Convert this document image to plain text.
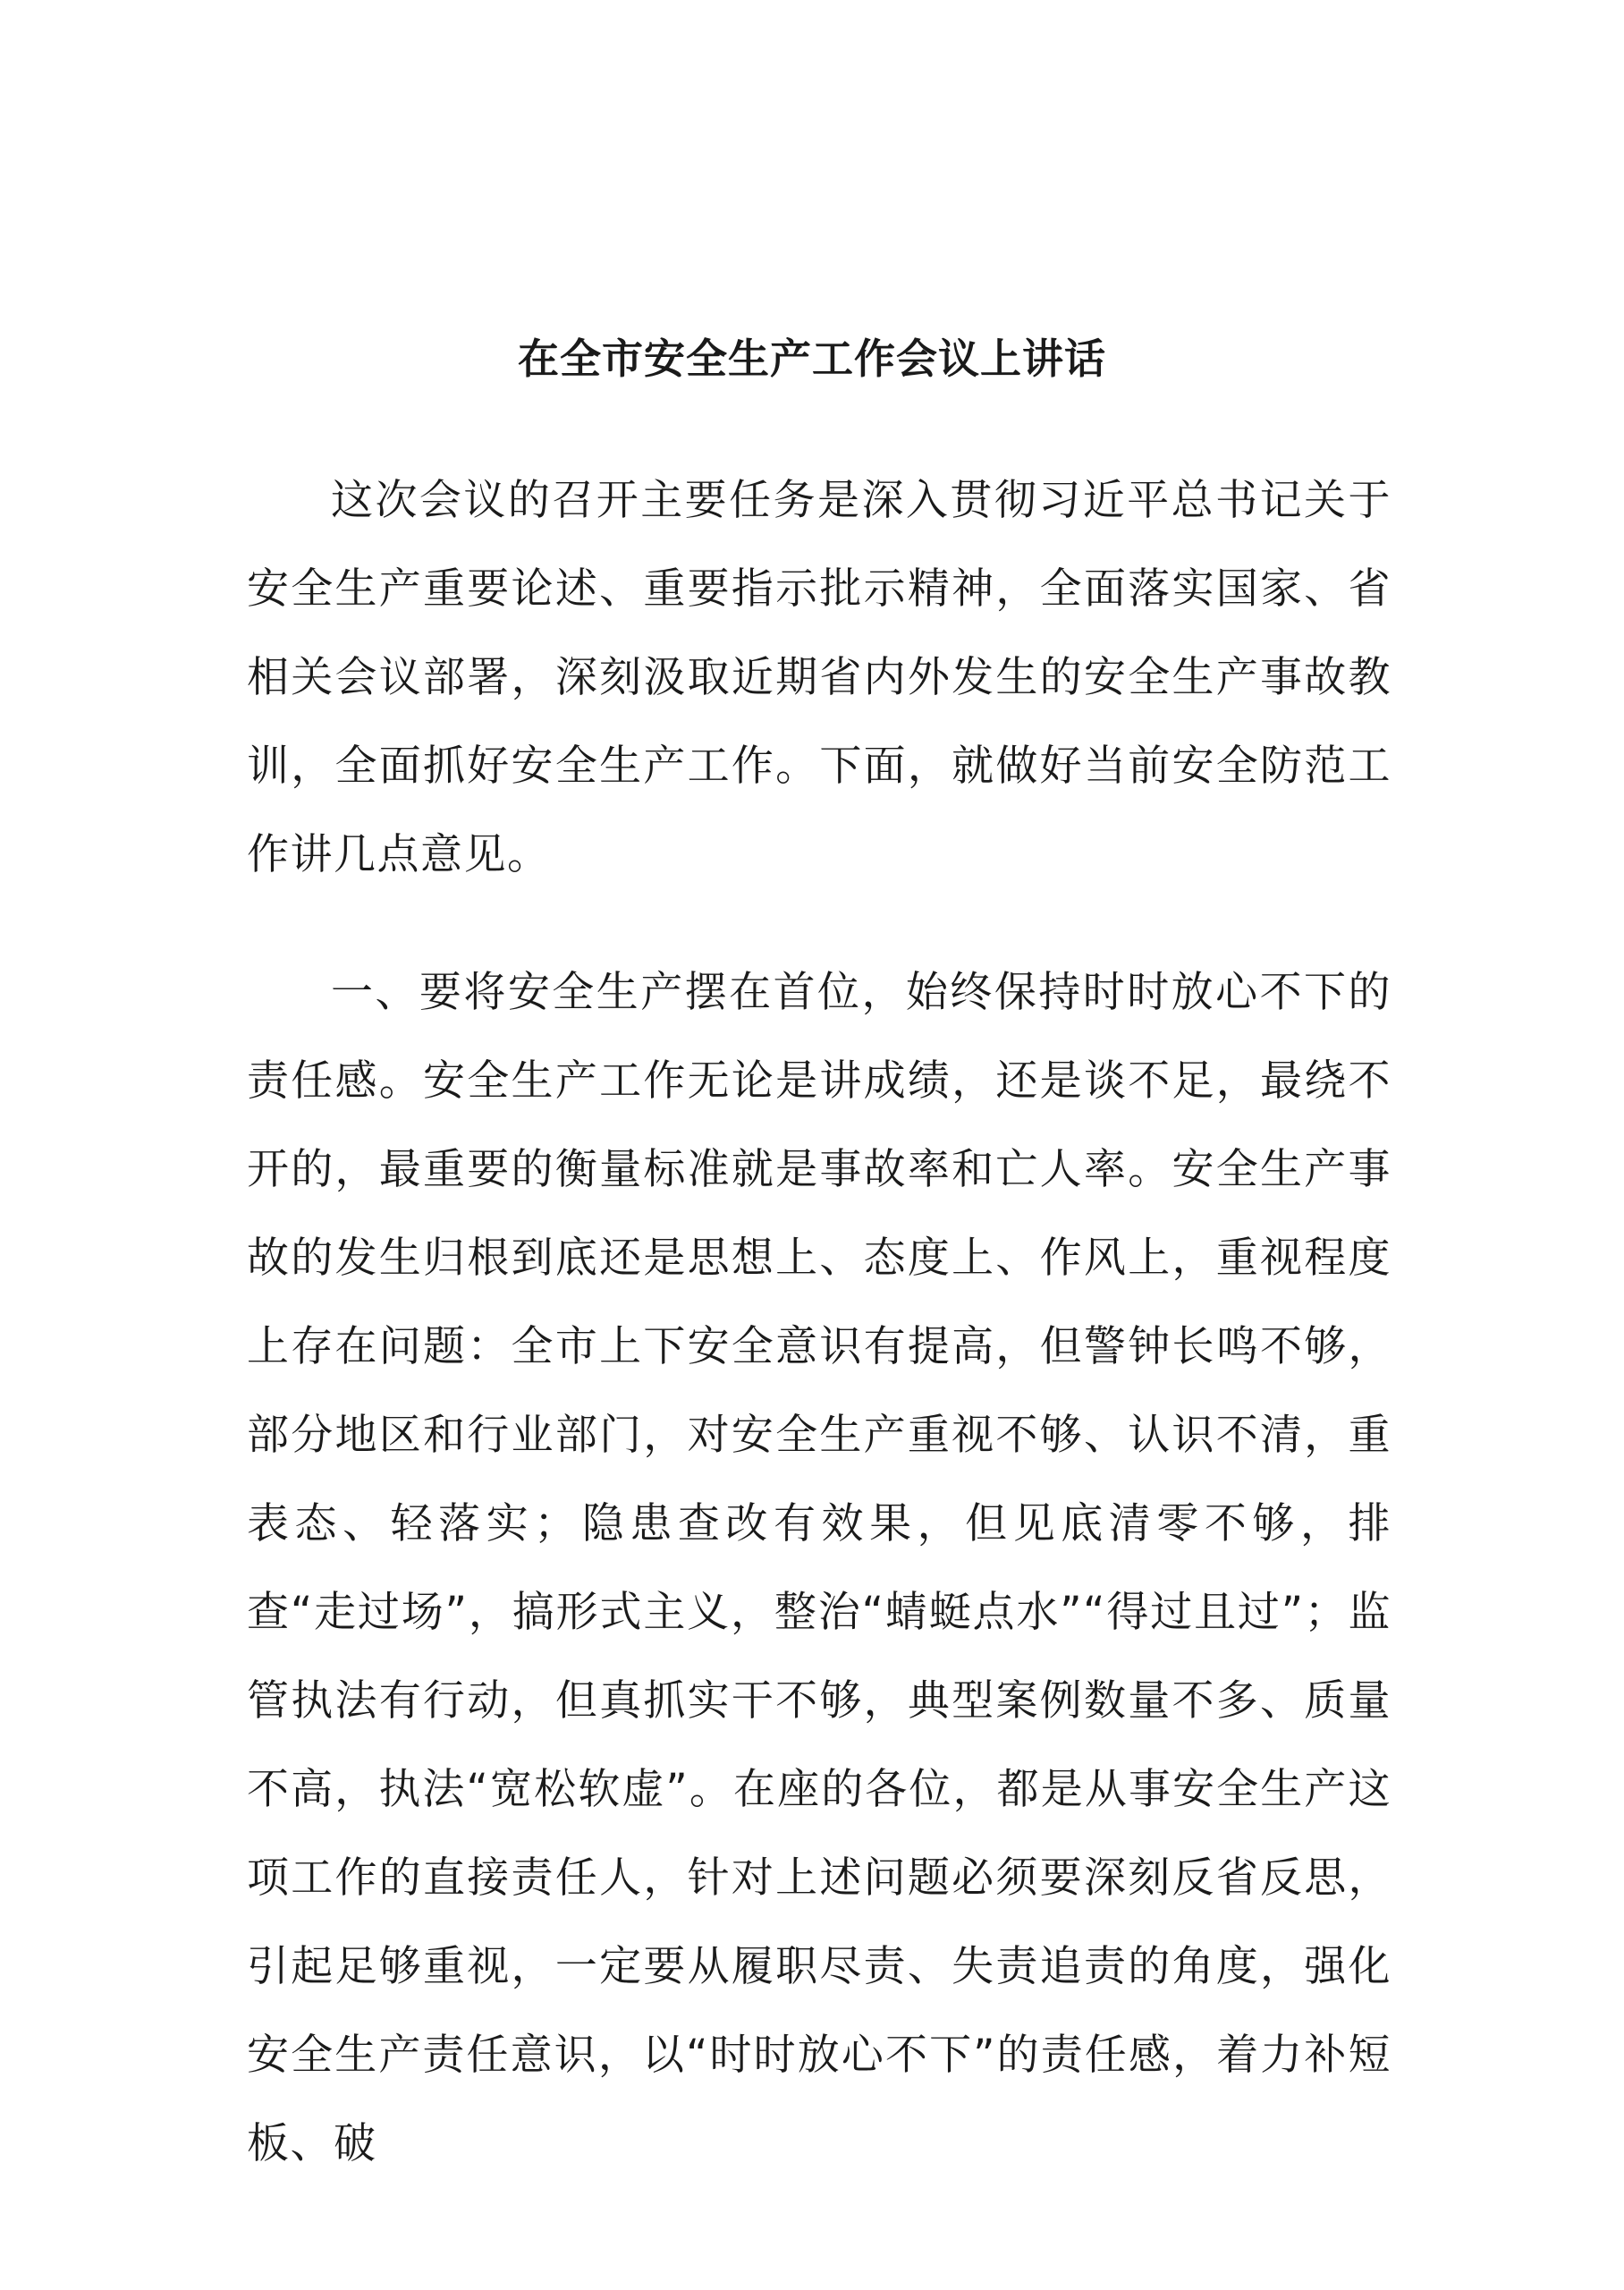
在全市安全生产工作会议上讲话

这次会议的召开主要任务是深入贯彻习近平总书记关于安全生产重要论述、重要指示批示精神，全面落实国家、省相关会议部署，深刻汲取近期省内外发生的安全生产事故教训，全面抓好安全生产工作。下面，就做好当前安全防范工作讲几点意见。

一、要将安全生产摆在首位，始终保持时时放心不下的责任感。安全生产工作无论是讲成绩，还是谈不足，最绕不开的，最重要的衡量标准就是事故率和亡人率。安全生产事故的发生归根到底还是思想上、态度上、作风上，重视程度上存在问题：全市上下安全意识有提高，但警钟长鸣不够，部分地区和行业部门，对安全生产重视不够、认识不清，重表态、轻落实；隐患查改有效果，但见底清零不够，排查“走过场”，搞形式主义，整治“蜻蜓点水”“得过且过”；监管执法有行动，但真抓实干不够，典型案例数量不多、质量不高，执法“宽松软虚”。在座的各位，都是从事安全生产这项工作的直接责任人，针对上述问题必须要深刻反省反思，引起足够重视，一定要从履职尽责、失责追责的角度，强化安全生产责任意识，以“时时放心不下”的责任感，着力补短板、破
